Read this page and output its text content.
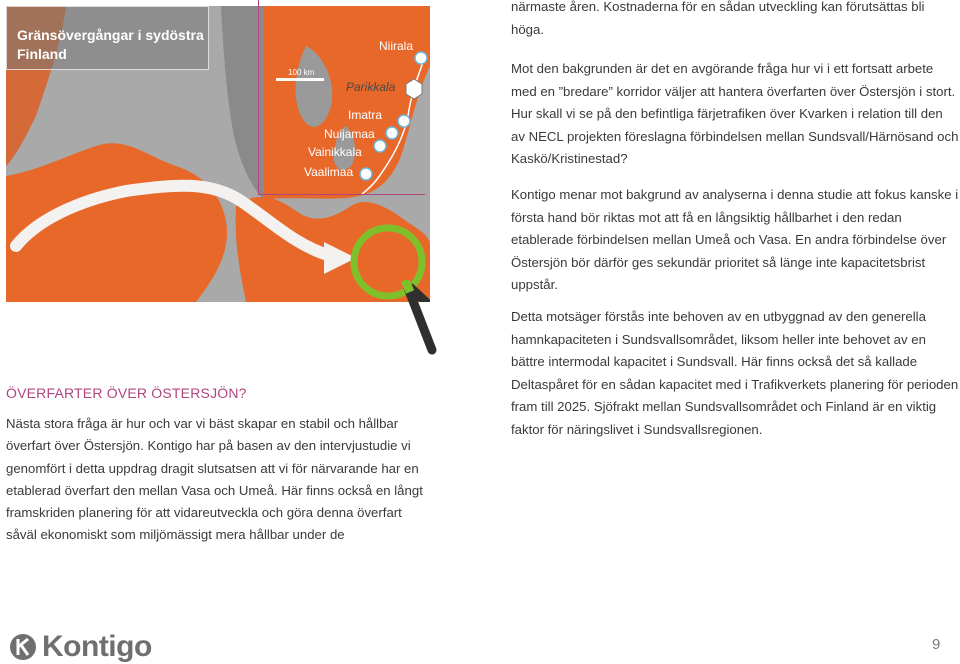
Gränsövergångar i sydöstra Finland
100 km
Niirala
Parikkala
Imatra
Nuijamaa
Vainikkala
Vaalimaa

närmaste åren. Kostnaderna för en sådan utveckling kan förutsättas bli höga.

Mot den bakgrunden är det en avgörande fråga hur vi i ett fortsatt arbete med en ”bredare” korridor väljer att hantera överfarten över Östersjön i stort. Hur skall vi se på den befintliga färjetrafiken över Kvarken i relation till den av NECL projekten föreslagna förbindelsen mellan Sundsvall/Härnösand och Kaskö/Kristinestad?

Kontigo menar mot bakgrund av analyserna i denna studie att fokus kanske i första hand bör riktas mot att få en långsiktig hållbarhet i den redan etablerade förbindelsen mellan Umeå och Vasa. En andra förbindelse över Östersjön bör därför ges sekundär prioritet så länge inte kapacitetsbrist uppstår.

Detta motsäger förstås inte behoven av en utbyggnad av den generella hamnkapaciteten i Sundsvallsområdet, liksom heller inte behovet av en bättre intermodal kapacitet i Sundsvall. Här finns också det så kallade Deltaspåret för en sådan kapacitet med i Trafikverkets planering för perioden fram till 2025. Sjöfrakt mellan Sundsvallsområdet och Finland är en viktig faktor för näringslivet i Sundsvallsregionen.

ÖVERFARTER ÖVER ÖSTERSJÖN?

Nästa stora fråga är hur och var vi bäst skapar en stabil och hållbar överfart över Östersjön. Kontigo har på basen av den intervjustudie vi genomfört i detta uppdrag dragit slutsatsen att vi för närvarande har en etablerad överfart den mellan Vasa och Umeå. Här finns också en långt framskriden planering för att vidareutveckla och göra denna överfart såväl ekonomiskt som miljömässigt mera hållbar under de

Kontigo	9
